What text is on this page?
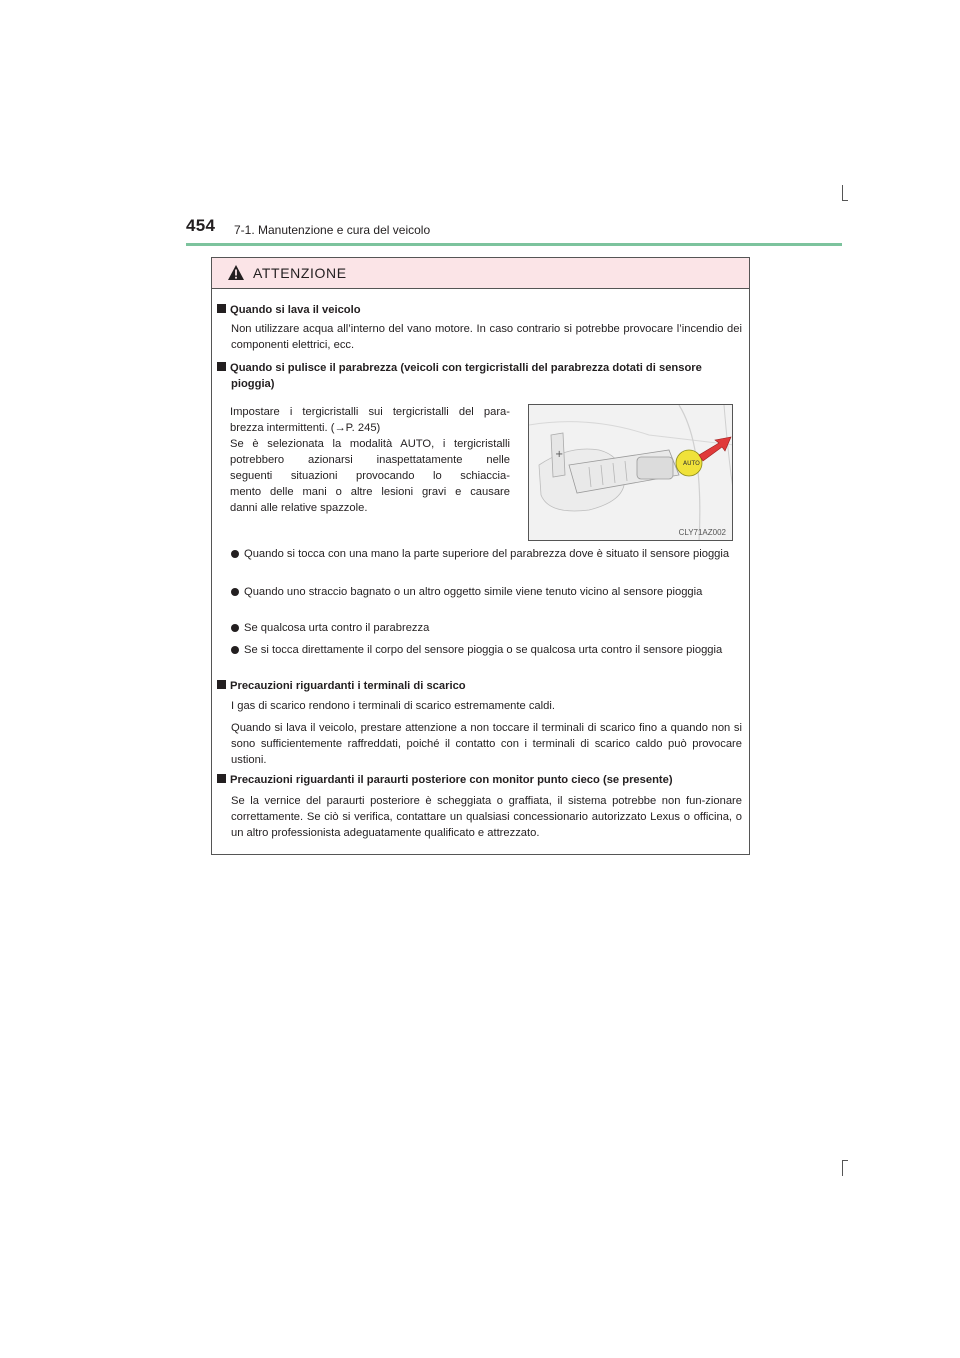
454 7-1. Manutenzione e cura del veicolo
ATTENZIONE
Quando si lava il veicolo
Non utilizzare acqua all’interno del vano motore. In caso contrario si potrebbe provocare l’incendio dei componenti elettrici, ecc.
Quando si pulisce il parabrezza (veicoli con tergicristalli del parabrezza dotati di sensore
pioggia)
Impostare i tergicristalli sui tergicristalli del para-
brezza intermittenti. (→P. 245)
Se è selezionata la modalità AUTO, i tergicristalli
potrebbero azionarsi inaspettatamente nelle
seguenti situazioni provocando lo schiaccia-
mento delle mani o altre lesioni gravi e causare
danni alle relative spazzole.
+
AUTO
CLY71AZ002
Quando si tocca con una mano la parte superiore del parabrezza dove è situato il sensore pioggia
Quando uno straccio bagnato o un altro oggetto simile viene tenuto vicino al sensore pioggia
Se qualcosa urta contro il parabrezza
Se si tocca direttamente il corpo del sensore pioggia o se qualcosa urta contro il sensore pioggia
Precauzioni riguardanti i terminali di scarico
I gas di scarico rendono i terminali di scarico estremamente caldi.
Quando si lava il veicolo, prestare attenzione a non toccare il terminali di scarico fino a quando non si sono sufficientemente raffreddati, poiché il contatto con i terminali di scarico caldo può provocare ustioni.
Precauzioni riguardanti il paraurti posteriore con monitor punto cieco (se presente)
Se la vernice del paraurti posteriore è scheggiata o graffiata, il sistema potrebbe non fun-zionare correttamente. Se ciò si verifica, contattare un qualsiasi concessionario autorizzato Lexus o officina, o un altro professionista adeguatamente qualificato e attrezzato.
